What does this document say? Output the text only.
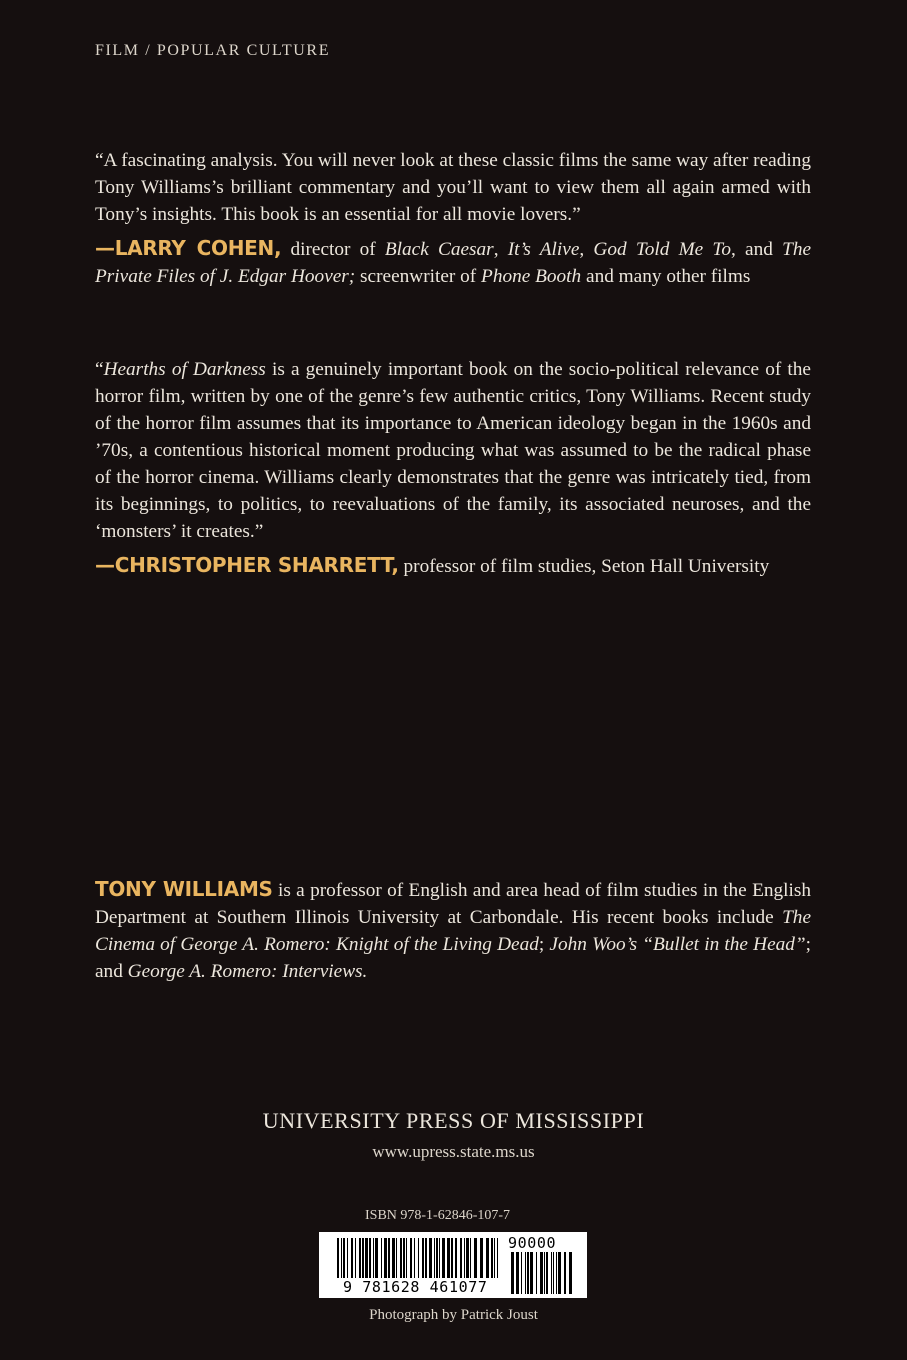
FILM / POPULAR CULTURE

“A fascinating analysis. You will never look at these classic films the same way after reading Tony Williams’s brilliant commentary and you’ll want to view them all again armed with Tony’s insights. This book is an essential for all movie lovers.”

—LARRY COHEN, director of Black Caesar, It’s Alive, God Told Me To, and The Private Files of J. Edgar Hoover; screenwriter of Phone Booth and many other films

“Hearths of Darkness is a genuinely important book on the socio-political relevance of the horror film, written by one of the genre’s few authentic critics, Tony Williams. Recent study of the horror film assumes that its importance to American ideology began in the 1960s and ’70s, a contentious historical moment producing what was assumed to be the radical phase of the horror cinema. Williams clearly demonstrates that the genre was intricately tied, from its beginnings, to politics, to reevaluations of the family, its associated neuroses, and the ‘monsters’ it creates.”

—CHRISTOPHER SHARRETT, professor of film studies, Seton Hall University

TONY WILLIAMS is a professor of English and area head of film studies in the English Department at Southern Illinois University at Carbondale. His recent books include The Cinema of George A. Romero: Knight of the Living Dead; John Woo’s “Bullet in the Head”; and George A. Romero: Interviews.

UNIVERSITY PRESS OF MISSISSIPPI
www.upress.state.ms.us
ISBN 978-1-62846-107-7
9 781628 461077
90000
Photograph by Patrick Joust
